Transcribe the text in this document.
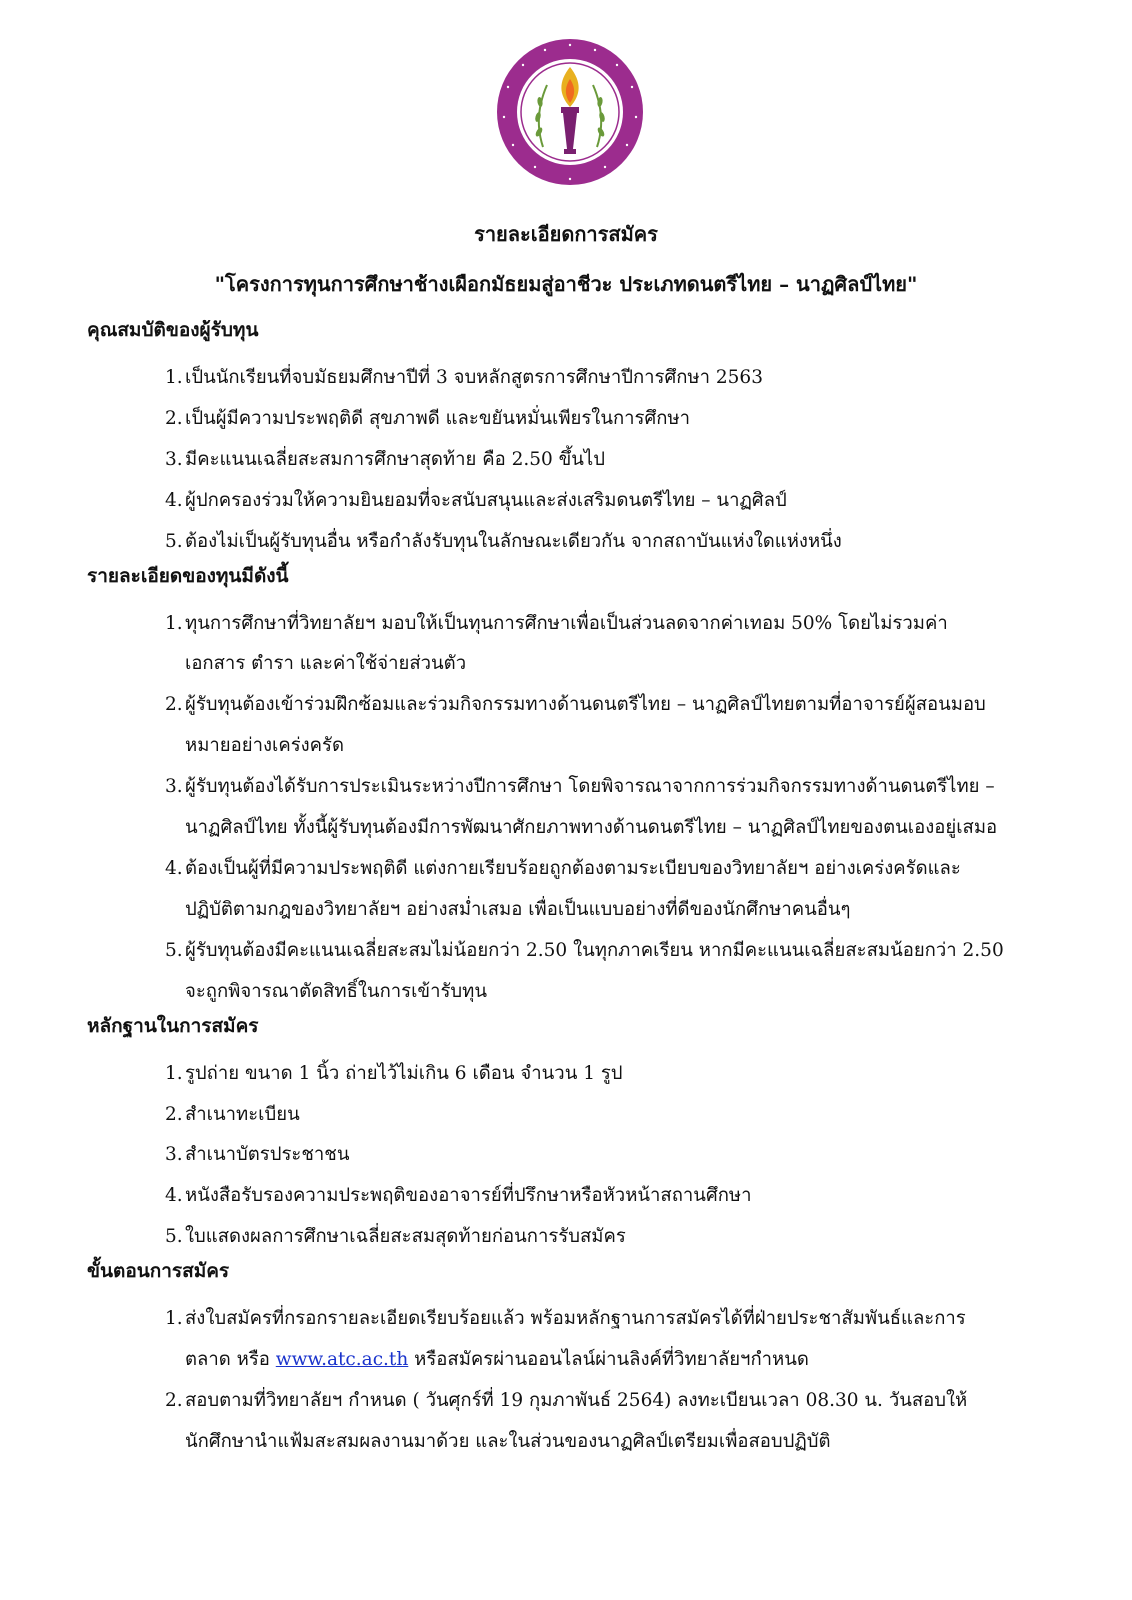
รายละเอียดการสมัคร
"โครงการทุนการศึกษาช้างเผือกมัธยมสู่อาชีวะ ประเภทดนตรีไทย – นาฏศิลป์ไทย"

คุณสมบัติของผู้รับทุน

1. เป็นนักเรียนที่จบมัธยมศึกษาปีที่ 3 จบหลักสูตรการศึกษาปีการศึกษา 2563
2. เป็นผู้มีความประพฤติดี สุขภาพดี และขยันหมั่นเพียรในการศึกษา
3. มีคะแนนเฉลี่ยสะสมการศึกษาสุดท้าย คือ 2.50 ขึ้นไป
4. ผู้ปกครองร่วมให้ความยินยอมที่จะสนับสนุนและส่งเสริมดนตรีไทย – นาฏศิลป์
5. ต้องไม่เป็นผู้รับทุนอื่น หรือกำลังรับทุนในลักษณะเดียวกัน จากสถาบันแห่งใดแห่งหนึ่ง

รายละเอียดของทุนมีดังนี้

1. ทุนการศึกษาที่วิทยาลัยฯ มอบให้เป็นทุนการศึกษาเพื่อเป็นส่วนลดจากค่าเทอม 50% โดยไม่รวมค่าเอกสาร ตำรา และค่าใช้จ่ายส่วนตัว
2. ผู้รับทุนต้องเข้าร่วมฝึกซ้อมและร่วมกิจกรรมทางด้านดนตรีไทย – นาฏศิลป์ไทยตามที่อาจารย์ผู้สอนมอบหมายอย่างเคร่งครัด
3. ผู้รับทุนต้องได้รับการประเมินระหว่างปีการศึกษา โดยพิจารณาจากการร่วมกิจกรรมทางด้านดนตรีไทย – นาฏศิลป์ไทย ทั้งนี้ผู้รับทุนต้องมีการพัฒนาศักยภาพทางด้านดนตรีไทย – นาฏศิลป์ไทยของตนเองอยู่เสมอ
4. ต้องเป็นผู้ที่มีความประพฤติดี แต่งกายเรียบร้อยถูกต้องตามระเบียบของวิทยาลัยฯ อย่างเคร่งครัดและปฏิบัติตามกฎของวิทยาลัยฯ อย่างสม่ำเสมอ เพื่อเป็นแบบอย่างที่ดีของนักศึกษาคนอื่นๆ
5. ผู้รับทุนต้องมีคะแนนเฉลี่ยสะสมไม่น้อยกว่า 2.50 ในทุกภาคเรียน หากมีคะแนนเฉลี่ยสะสมน้อยกว่า 2.50 จะถูกพิจารณาตัดสิทธิ์ในการเข้ารับทุน

หลักฐานในการสมัคร

1. รูปถ่าย ขนาด 1 นิ้ว ถ่ายไว้ไม่เกิน 6 เดือน จำนวน 1 รูป
2. สำเนาทะเบียน
3. สำเนาบัตรประชาชน
4. หนังสือรับรองความประพฤติของอาจารย์ที่ปรึกษาหรือหัวหน้าสถานศึกษา
5. ใบแสดงผลการศึกษาเฉลี่ยสะสมสุดท้ายก่อนการรับสมัคร

ขั้นตอนการสมัคร

1. ส่งใบสมัครที่กรอกรายละเอียดเรียบร้อยแล้ว พร้อมหลักฐานการสมัครได้ที่ฝ่ายประชาสัมพันธ์และการตลาด หรือ www.atc.ac.th หรือสมัครผ่านออนไลน์ผ่านลิงค์ที่วิทยาลัยฯกำหนด
2. สอบตามที่วิทยาลัยฯ กำหนด ( วันศุกร์ที่ 19 กุมภาพันธ์ 2564) ลงทะเบียนเวลา 08.30 น. วันสอบให้นักศึกษานำแฟ้มสะสมผลงานมาด้วย และในส่วนของนาฏศิลป์เตรียมเพื่อสอบปฏิบัติ
